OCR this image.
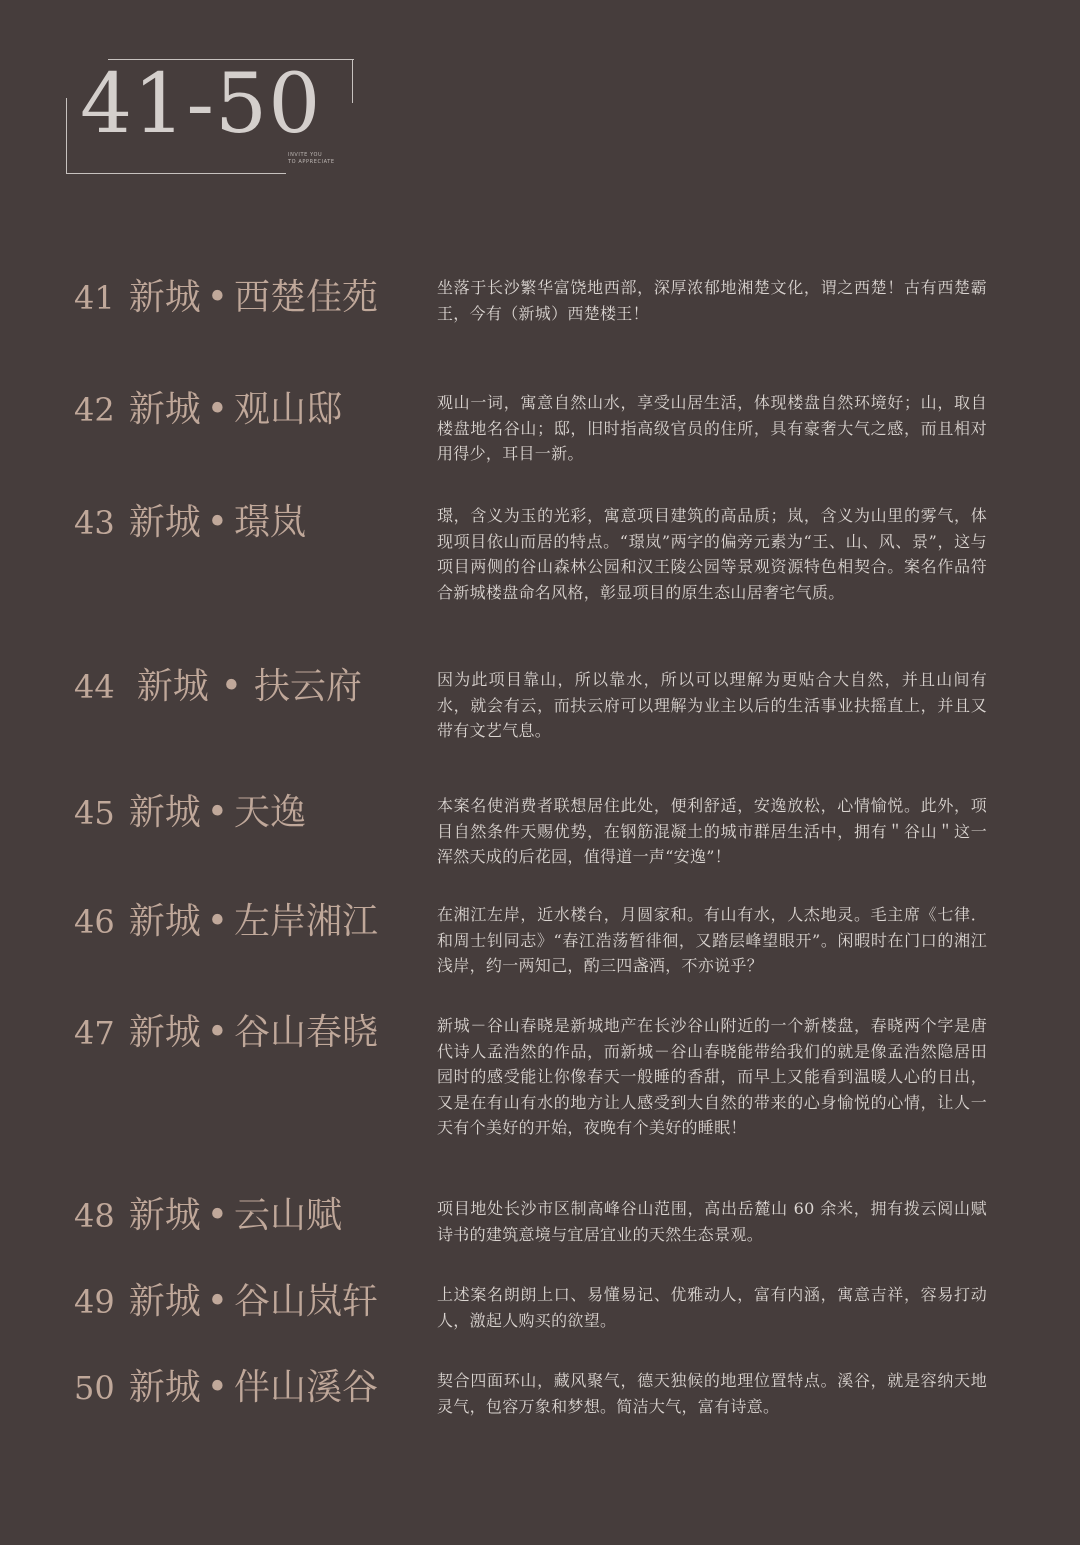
41-50
INVITE YOU
TO APPRECIATE
41 新城 • 西楚佳苑	坐落于长沙繁华富饶地西部，深厚浓郁地湘楚文化，谓之西楚！古有西楚霸王，今有（新城）西楚楼王！
42 新城 • 观山邸	观山一词，寓意自然山水，享受山居生活，体现楼盘自然环境好；山，取自楼盘地名谷山；邸，旧时指高级官员的住所，具有豪奢大气之感，而且相对用得少，耳目一新。
43 新城 • 璟岚	璟，含义为玉的光彩，寓意项目建筑的高品质；岚，含义为山里的雾气，体现项目依山而居的特点。“璟岚”两字的偏旁元素为“王、山、风、景”，这与项目两侧的谷山森林公园和汉王陵公园等景观资源特色相契合。案名作品符合新城楼盘命名风格，彰显项目的原生态山居奢宅气质。
44 新城 • 扶云府	因为此项目靠山，所以靠水，所以可以理解为更贴合大自然，并且山间有水，就会有云，而扶云府可以理解为业主以后的生活事业扶摇直上，并且又带有文艺气息。
45 新城 • 天逸	本案名使消费者联想居住此处，便利舒适，安逸放松，心情愉悦。此外，项目自然条件天赐优势，在钢筋混凝土的城市群居生活中，拥有＂谷山＂这一浑然天成的后花园，值得道一声“安逸”！
46 新城 • 左岸湘江	在湘江左岸，近水楼台，月圆家和。有山有水，人杰地灵。毛主席《七律．和周士钊同志》“春江浩荡暂徘徊，又踏层峰望眼开”。闲暇时在门口的湘江浅岸，约一两知己，酌三四盏酒，不亦说乎？
47 新城 • 谷山春晓	新城－谷山春晓是新城地产在长沙谷山附近的一个新楼盘，春晓两个字是唐代诗人孟浩然的作品，而新城－谷山春晓能带给我们的就是像孟浩然隐居田园时的感受能让你像春天一般睡的香甜，而早上又能看到温暖人心的日出，又是在有山有水的地方让人感受到大自然的带来的心身愉悦的心情，让人一天有个美好的开始，夜晚有个美好的睡眠！
48 新城 • 云山赋	项目地处长沙市区制高峰谷山范围，高出岳麓山 60 余米，拥有拨云阅山赋诗书的建筑意境与宜居宜业的天然生态景观。
49 新城 • 谷山岚轩	上述案名朗朗上口、易懂易记、优雅动人，富有内涵，寓意吉祥，容易打动人，激起人购买的欲望。
50 新城 • 伴山溪谷	契合四面环山，藏风聚气，德天独候的地理位置特点。溪谷，就是容纳天地灵气，包容万象和梦想。简洁大气，富有诗意。
